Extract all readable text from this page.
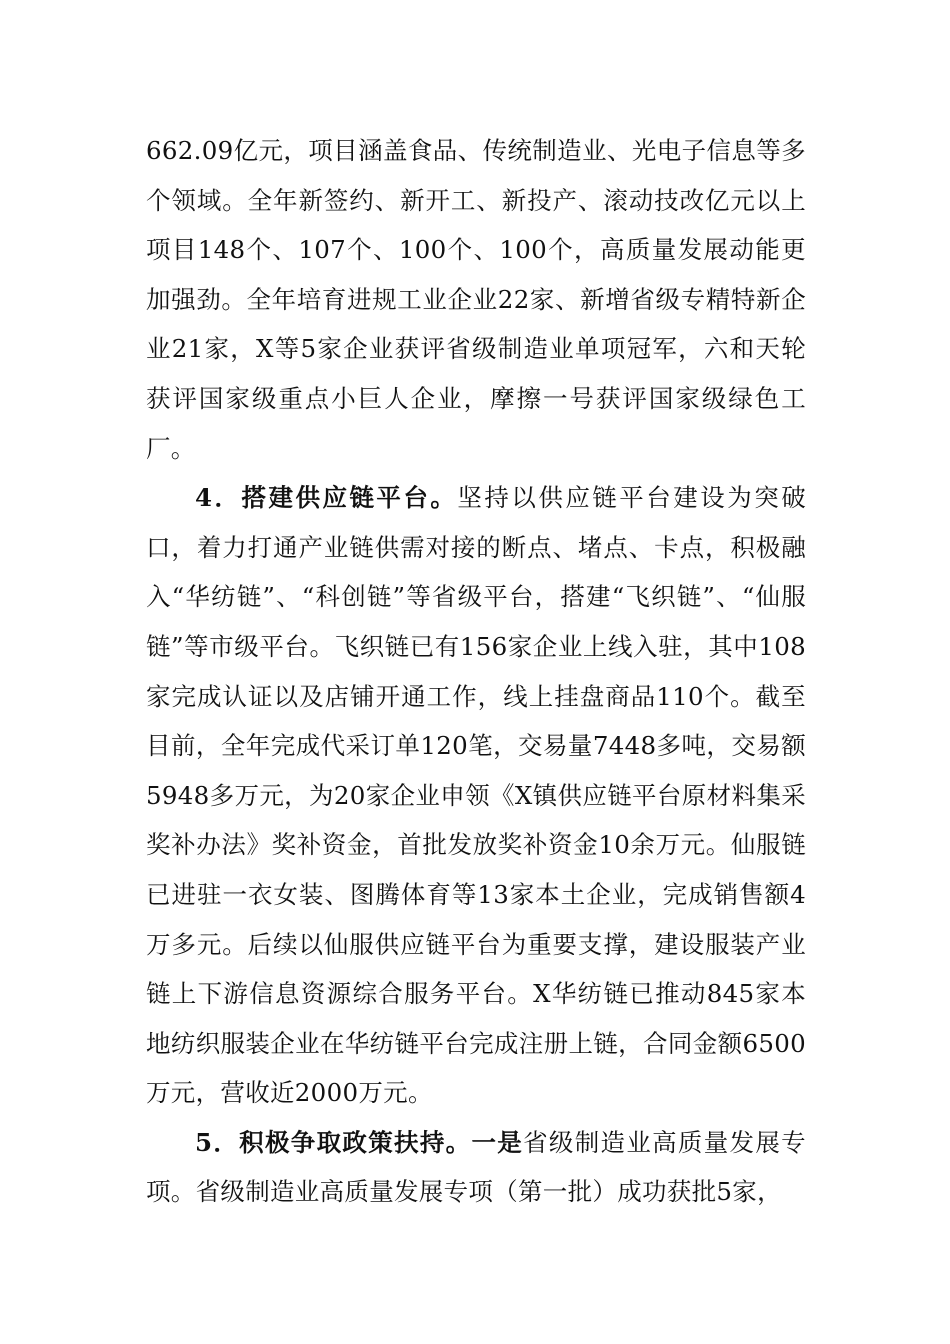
662.09亿元，项目涵盖食品、传统制造业、光电子信息等多个领域。全年新签约、新开工、新投产、滚动技改亿元以上项目148个、107个、100个、100个，高质量发展动能更加强劲。全年培育进规工业企业22家、新增省级专精特新企业21家，X等5家企业获评省级制造业单项冠军，六和天轮获评国家级重点小巨人企业，摩擦一号获评国家级绿色工厂。

4．搭建供应链平台。坚持以供应链平台建设为突破口，着力打通产业链供需对接的断点、堵点、卡点，积极融入“华纺链”、“科创链”等省级平台，搭建“飞织链”、“仙服链”等市级平台。飞织链已有156家企业上线入驻，其中108家完成认证以及店铺开通工作，线上挂盘商品110个。截至目前，全年完成代采订单120笔，交易量7448多吨，交易额5948多万元，为20家企业申领《X镇供应链平台原材料集采奖补办法》奖补资金，首批发放奖补资金10余万元。仙服链已进驻一衣女装、图腾体育等13家本土企业，完成销售额4万多元。后续以仙服供应链平台为重要支撑，建设服装产业链上下游信息资源综合服务平台。X华纺链已推动845家本地纺织服装企业在华纺链平台完成注册上链，合同金额6500万元，营收近2000万元。

5．积极争取政策扶持。一是省级制造业高质量发展专项。省级制造业高质量发展专项（第一批）成功获批5家，
